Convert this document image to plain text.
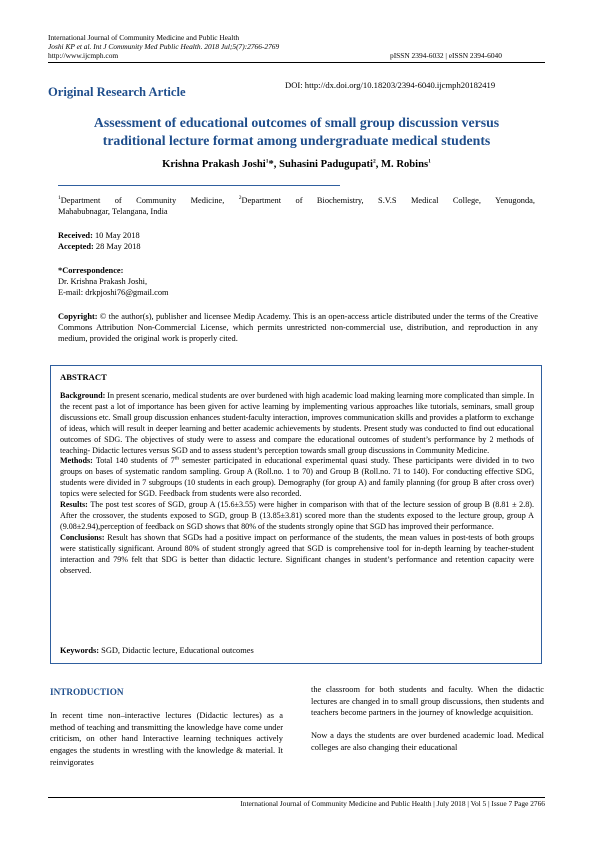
International Journal of Community Medicine and Public Health
Joshi KP et al. Int J Community Med Public Health. 2018 Jul;5(7):2766-2769
http://www.ijcmph.com	pISSN 2394-6032 | eISSN 2394-6040
DOI: http://dx.doi.org/10.18203/2394-6040.ijcmph20182419
Original Research Article
Assessment of educational outcomes of small group discussion versus
traditional lecture format among undergraduate medical students
Krishna Prakash Joshi$^1$*, Suhasini Padugupati$^2$, M. Robins$^1$
$^1$Department of Community Medicine, $^2$Department of Biochemistry, S.V.S Medical College, Yenugonda,
Mahabubnagar, Telangana, India
Received: 10 May 2018
Accepted: 28 May 2018
*Correspondence:
Dr. Krishna Prakash Joshi,
E-mail: drkpjoshi76@gmail.com
Copyright: © the author(s), publisher and licensee Medip Academy. This is an open-access article distributed under the terms of the Creative Commons Attribution Non-Commercial License, which permits unrestricted non-commercial use, distribution, and reproduction in any medium, provided the original work is properly cited.
ABSTRACT
Background: In present scenario, medical students are over burdened with high academic load making learning more complicated than simple. In the recent past a lot of importance has been given for active learning by implementing various approaches like tutorials, seminars, small group discussions etc. Small group discussion enhances student-faculty interaction, improves communication skills and provides a platform to exchange of ideas, which will result in deeper learning and better academic achievements by students. Present study was conducted to find out educational outcomes of SDG. The objectives of study were to assess and compare the educational outcomes of student’s performance by 2 methods of teaching- Didactic lectures versus SGD and to assess student’s perception towards small group discussions in Community Medicine.
Methods: Total 140 students of 7th semester participated in educational experimental quasi study. These participants were divided in to two groups on bases of systematic random sampling. Group A (Roll.no. 1 to 70) and Group B (Roll.no. 71 to 140). For conducting effective SDG, students were divided in 7 subgroups (10 students in each group). Demography (for group A) and family planning (for group B after cross over) topics were selected for SGD. Feedback from students were also recorded.
Results: The post test scores of SGD, group A (15.6±3.55) were higher in comparison with that of the lecture session of group B (8.81 ± 2.8). After the crossover, the students exposed to SGD, group B (13.85±3.81) scored more than the students exposed to the lecture group, group A (9.08±2.94),perception of feedback on SGD shows that 80% of the students strongly opine that SGD has improved their performance.
Conclusions: Result has shown that SGDs had a positive impact on performance of the students, the mean values in post-tests of both groups were statistically significant. Around 80% of student strongly agreed that SGD is comprehensive tool for in-depth learning by teacher-student interaction and 79% felt that SDG is better than didactic lecture. Significant changes in student’s performance and retention capacity were observed.
Keywords: SGD, Didactic lecture, Educational outcomes
INTRODUCTION
In recent time non–interactive lectures (Didactic lectures) as a method of teaching and transmitting the knowledge have come under criticism, on other hand Interactive learning techniques actively engages the students in wrestling with the knowledge & material. It reinvigorates
the classroom for both students and faculty. When the didactic lectures are changed in to small group discussions, then students and teachers become partners in the journey of knowledge acquisition.
Now a days the students are over burdened academic load. Medical colleges are also changing their educational
International Journal of Community Medicine and Public Health | July 2018 | Vol 5 | Issue 7 Page 2766
